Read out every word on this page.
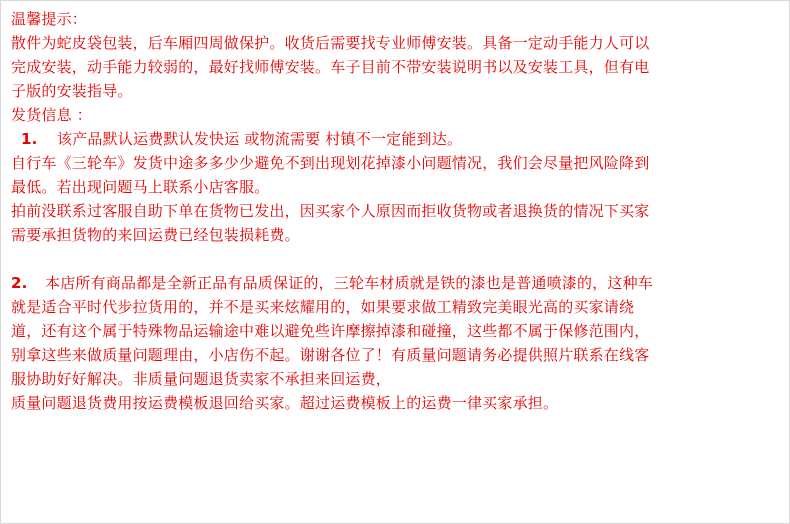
温馨提示：
散件为蛇皮袋包装，后车厢四周做保护。收货后需要找专业师傅安装。具备一定动手能力人可以
完成安装，动手能力较弱的，最好找师傅安装。车子目前不带安装说明书以及安装工具，但有电
子版的安装指导。
发货信息 ：
1. 该产品默认运费默认发快运 或物流需要 村镇不一定能到达。
自行车《三轮车》发货中途多多少少避免不到出现划花掉漆小问题情况，我们会尽量把风险降到
最低。若出现问题马上联系小店客服。
拍前没联系过客服自助下单在货物已发出，因买家个人原因而拒收货物或者退换货的情况下买家
需要承担货物的来回运费已经包装损耗费。
2. 本店所有商品都是全新正品有品质保证的，三轮车材质就是铁的漆也是普通喷漆的，这种车
就是适合平时代步拉货用的，并不是买来炫耀用的，如果要求做工精致完美眼光高的买家请绕
道，还有这个属于特殊物品运输途中难以避免些许摩擦掉漆和碰撞，这些都不属于保修范围内，
别拿这些来做质量问题理由，小店伤不起。谢谢各位了！有质量问题请务必提供照片联系在线客
服协助好好解决。非质量问题退货卖家不承担来回运费，
质量问题退货费用按运费模板退回给买家。超过运费模板上的运费一律买家承担。
